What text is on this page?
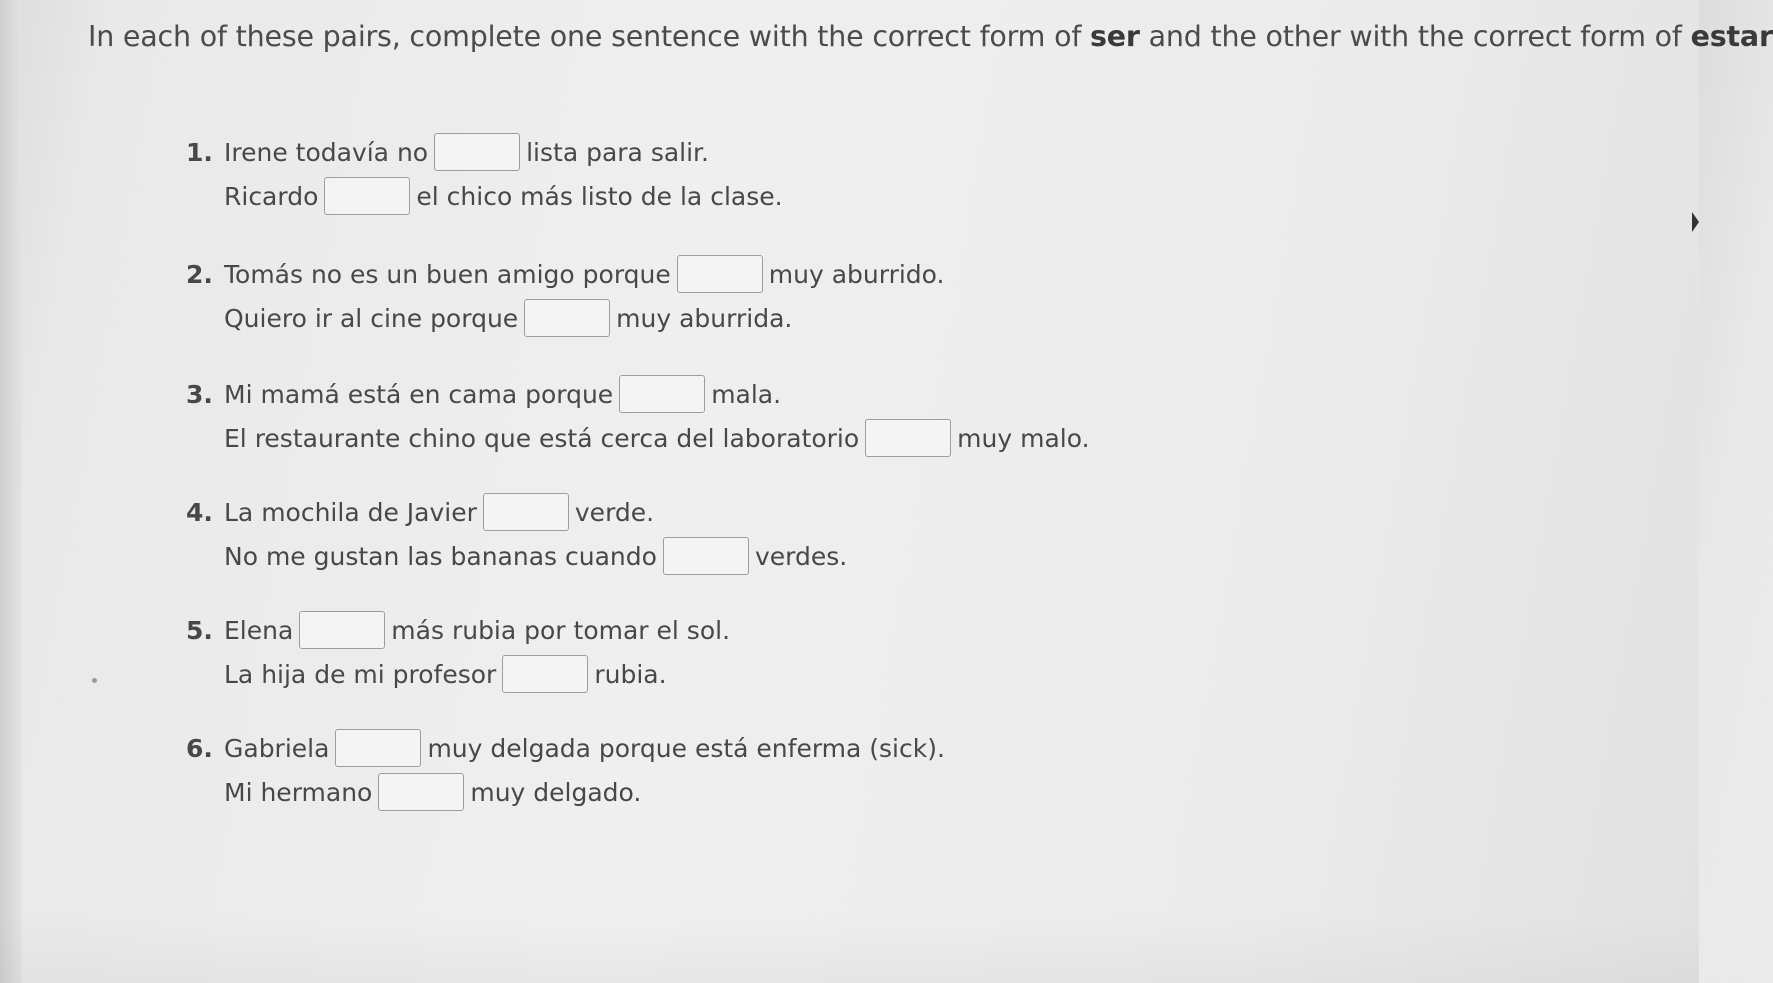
In each of these pairs, complete one sentence with the correct form of ser and the other with the correct form of estar
1. Irene todavía no	lista para salir.
Ricardo	el chico más listo de la clase.
2. Tomás no es un buen amigo porque	muy aburrido.
Quiero ir al cine porque	muy aburrida.
3. Mi mamá está en cama porque	mala.
El restaurante chino que está cerca del laboratorio	muy malo.
4. La mochila de Javier	verde.
No me gustan las bananas cuando	verdes.
5. Elena	más rubia por tomar el sol.
La hija de mi profesor	rubia.
6. Gabriela	muy delgada porque está enferma (sick).
Mi hermano	muy delgado.
